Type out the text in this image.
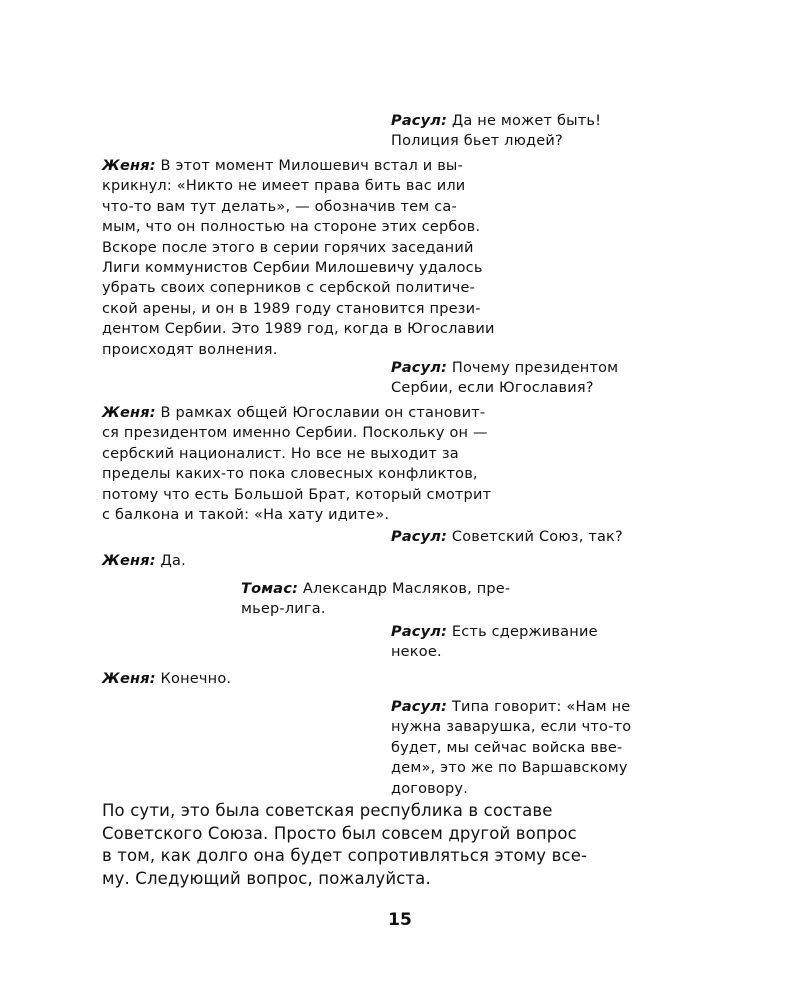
Расул: Да не может быть!
Полиция бьет людей?
Женя: В этот момент Милошевич встал и вы-
крикнул: «Никто не имеет права бить вас или
что-то вам тут делать», — обозначив тем са-
мым, что он полностью на стороне этих сербов.
Вскоре после этого в серии горячих заседаний
Лиги коммунистов Сербии Милошевичу удалось
убрать своих соперников с сербской политиче-
ской арены, и он в 1989 году становится прези-
дентом Сербии. Это 1989 год, когда в Югославии
происходят волнения.
Расул: Почему президентом
Сербии, если Югославия?
Женя: В рамках общей Югославии он становит-
ся президентом именно Сербии. Поскольку он —
сербский националист. Но все не выходит за
пределы каких-то пока словесных конфликтов,
потому что есть Большой Брат, который смотрит
с балкона и такой: «На хату идите».
Расул: Советский Союз, так?
Женя: Да.
Томас: Александр Масляков, пре-
мьер-лига.
Расул: Есть сдерживание
некое.
Женя: Конечно.
Расул: Типа говорит: «Нам не
нужна заварушка, если что-то
будет, мы сейчас войска вве-
дем», это же по Варшавскому
договору.
По сути, это была советская республика в составе
Советского Союза. Просто был совсем другой вопрос
в том, как долго она будет сопротивляться этому все-
му. Следующий вопрос, пожалуйста.
15
